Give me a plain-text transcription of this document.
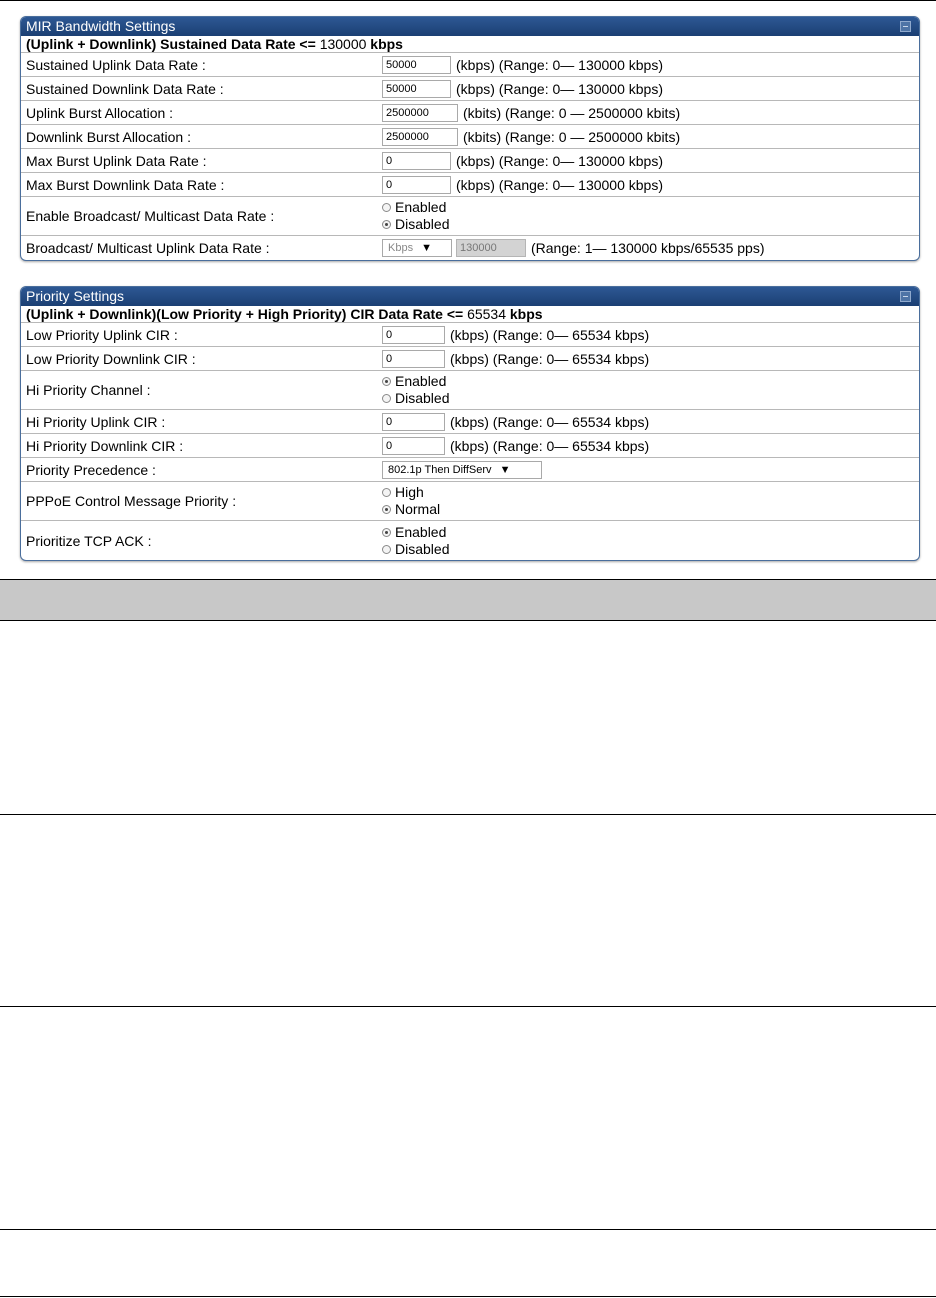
MIR Bandwidth Settings
(Uplink + Downlink) Sustained Data Rate <=
130000
kbps
Sustained Uplink Data Rate :	50000	(kbps) (Range: 0— 130000 kbps)
Sustained Downlink Data Rate :	50000	(kbps) (Range: 0— 130000 kbps)
Uplink Burst Allocation :	2500000	(kbits) (Range: 0 — 2500000 kbits)
Downlink Burst Allocation :	2500000	(kbits) (Range: 0 — 2500000 kbits)
Max Burst Uplink Data Rate :	0	(kbps) (Range: 0— 130000 kbps)
Max Burst Downlink Data Rate :	0	(kbps) (Range: 0— 130000 kbps)
Enable Broadcast/ Multicast Data Rate :
Enabled
Disabled
Broadcast/ Multicast Uplink Data Rate :	Kbps ▼	130000	(Range: 1— 130000 kbps/65535 pps)
Priority Settings
(Uplink + Downlink)(Low Priority + High Priority) CIR Data Rate <=
65534
kbps
Low Priority Uplink CIR :	0	(kbps) (Range: 0— 65534 kbps)
Low Priority Downlink CIR :	0	(kbps) (Range: 0— 65534 kbps)
Hi Priority Channel :
Enabled
Disabled
Hi Priority Uplink CIR :	0	(kbps) (Range: 0— 65534 kbps)
Hi Priority Downlink CIR :	0	(kbps) (Range: 0— 65534 kbps)
Priority Precedence :	802.1p Then DiffServ ▼
PPPoE Control Message Priority :
High
Normal
Prioritize TCP ACK :
Enabled
Disabled
